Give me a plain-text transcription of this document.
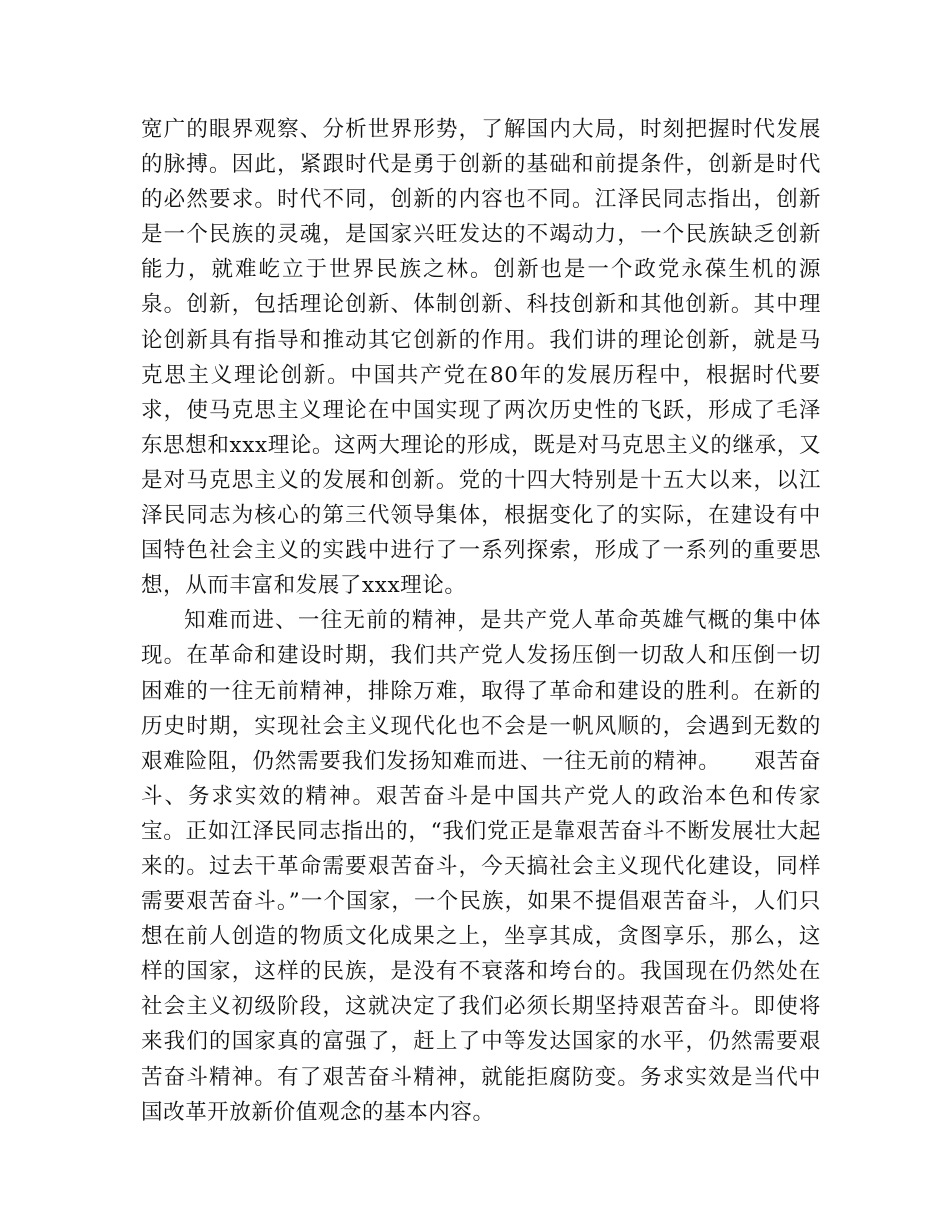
宽广的眼界观察、分析世界形势，了解国内大局，时刻把握时代发展的脉搏。因此，紧跟时代是勇于创新的基础和前提条件，创新是时代的必然要求。时代不同，创新的内容也不同。江泽民同志指出，创新是一个民族的灵魂，是国家兴旺发达的不竭动力，一个民族缺乏创新能力，就难屹立于世界民族之林。创新也是一个政党永葆生机的源泉。创新，包括理论创新、体制创新、科技创新和其他创新。其中理论创新具有指导和推动其它创新的作用。我们讲的理论创新，就是马克思主义理论创新。中国共产党在80年的发展历程中，根据时代要求，使马克思主义理论在中国实现了两次历史性的飞跃，形成了毛泽东思想和xxx理论。这两大理论的形成，既是对马克思主义的继承，又是对马克思主义的发展和创新。党的十四大特别是十五大以来，以江泽民同志为核心的第三代领导集体，根据变化了的实际，在建设有中国特色社会主义的实践中进行了一系列探索，形成了一系列的重要思想，从而丰富和发展了xxx理论。

知难而进、一往无前的精神，是共产党人革命英雄气概的集中体现。在革命和建设时期，我们共产党人发扬压倒一切敌人和压倒一切困难的一往无前精神，排除万难，取得了革命和建设的胜利。在新的历史时期，实现社会主义现代化也不会是一帆风顺的，会遇到无数的艰难险阻，仍然需要我们发扬知难而进、一往无前的精神。　　艰苦奋斗、务求实效的精神。艰苦奋斗是中国共产党人的政治本色和传家宝。正如江泽民同志指出的，“我们党正是靠艰苦奋斗不断发展壮大起来的。过去干革命需要艰苦奋斗，今天搞社会主义现代化建设，同样需要艰苦奋斗。”一个国家，一个民族，如果不提倡艰苦奋斗，人们只想在前人创造的物质文化成果之上，坐享其成，贪图享乐，那么，这样的国家，这样的民族，是没有不衰落和垮台的。我国现在仍然处在社会主义初级阶段，这就决定了我们必须长期坚持艰苦奋斗。即使将来我们的国家真的富强了，赶上了中等发达国家的水平，仍然需要艰苦奋斗精神。有了艰苦奋斗精神，就能拒腐防变。务求实效是当代中国改革开放新价值观念的基本内容。
